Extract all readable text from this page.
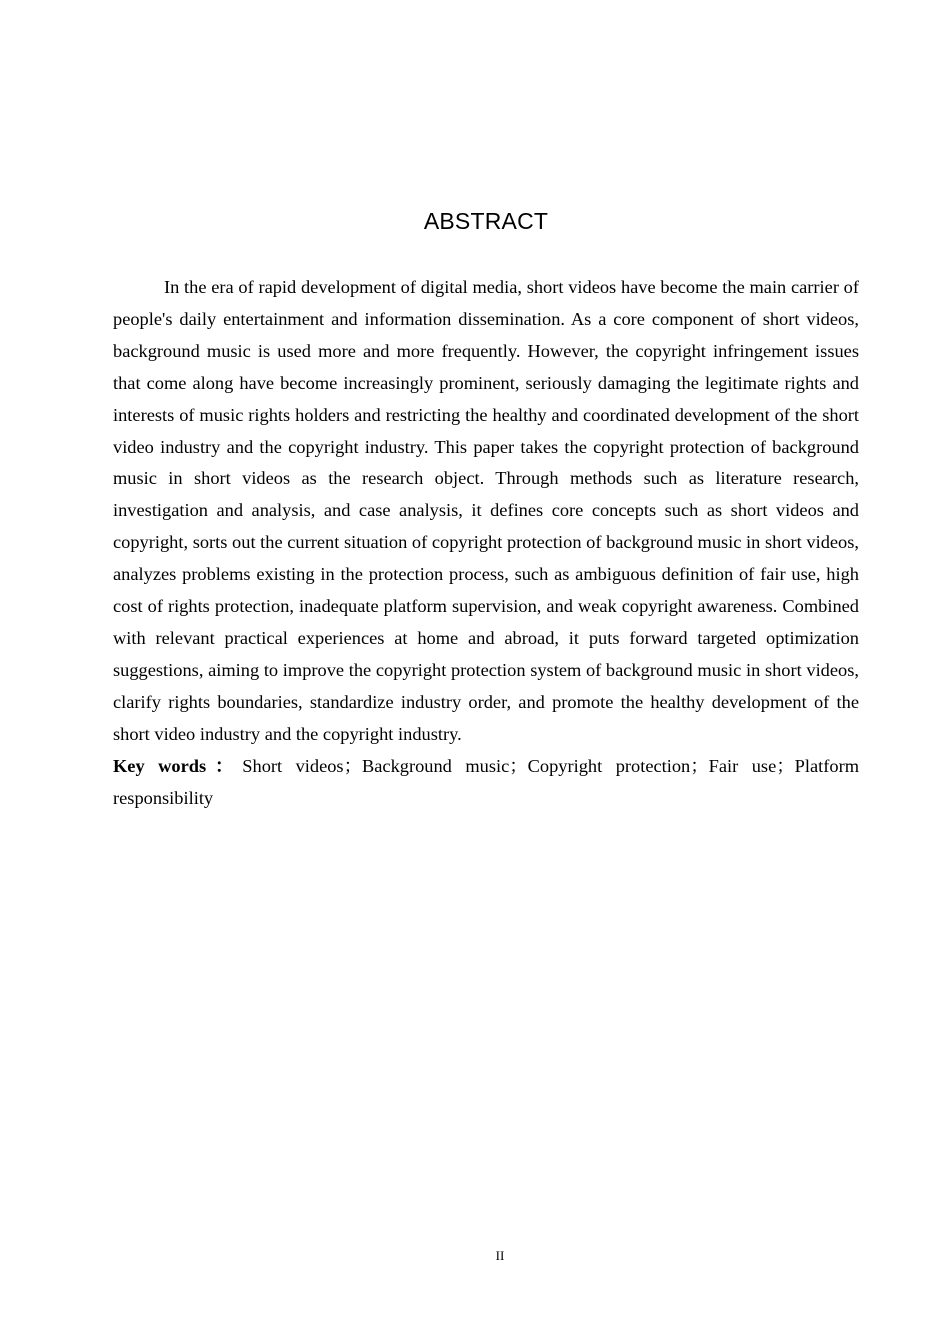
ABSTRACT

In the era of rapid development of digital media, short videos have become the main carrier of people's daily entertainment and information dissemination. As a core component of short videos, background music is used more and more frequently. However, the copyright infringement issues that come along have become increasingly prominent, seriously damaging the legitimate rights and interests of music rights holders and restricting the healthy and coordinated development of the short video industry and the copyright industry. This paper takes the copyright protection of background music in short videos as the research object. Through methods such as literature research, investigation and analysis, and case analysis, it defines core concepts such as short videos and copyright, sorts out the current situation of copyright protection of background music in short videos, analyzes problems existing in the protection process, such as ambiguous definition of fair use, high cost of rights protection, inadequate platform supervision, and weak copyright awareness. Combined with relevant practical experiences at home and abroad, it puts forward targeted optimization suggestions, aiming to improve the copyright protection system of background music in short videos, clarify rights boundaries, standardize industry order, and promote the healthy development of the short video industry and the copyright industry.

Key words：Short videos；Background music；Copyright protection；Fair use；Platform responsibility

II
